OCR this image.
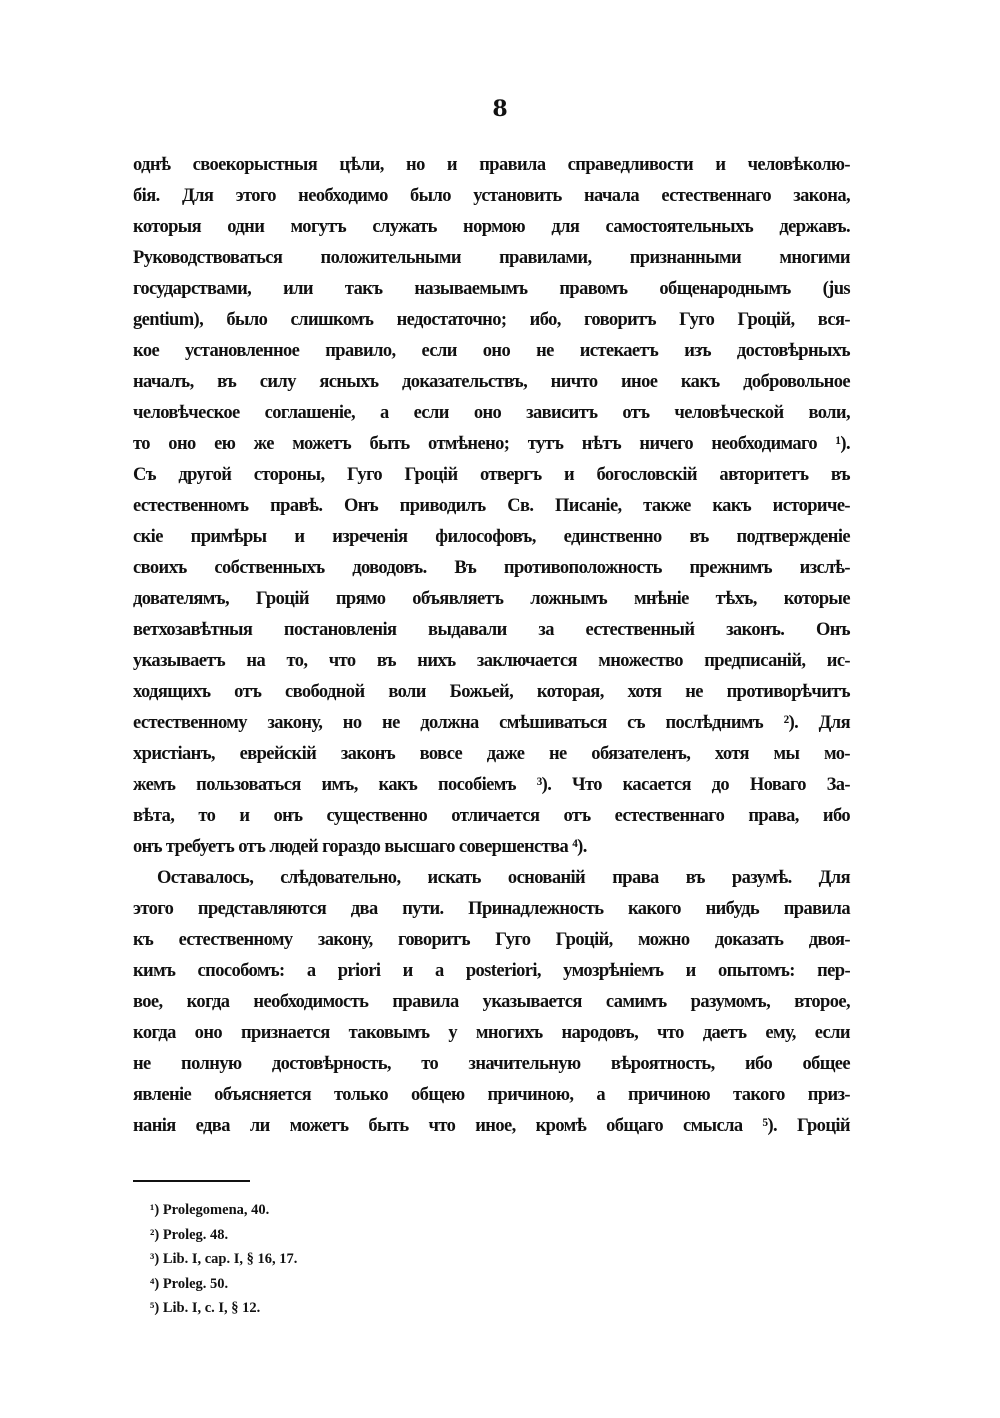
8
однѣ своекорыстныя цѣли, но и правила справедливости и человѣколю-
бія. Для этого необходимо было установить начала естественнаго закона,
которыя одни могутъ служать нормою для самостоятельныхъ державъ.
Руководствоваться положительными правилами, признанными многими
государствами, или такъ называемымъ правомъ общенароднымъ (jus
gentium), было слишкомъ недостаточно; ибо, говоритъ Гуго Гроцій, вся-
кое установленное правило, если оно не истекаетъ изъ достовѣрныхъ
началъ, въ силу ясныхъ доказательствъ, ничто иное какъ добровольное
человѣческое соглашеніе, а если оно зависитъ отъ человѣческой воли,
то оно ею же можетъ быть отмѣнено; тутъ нѣтъ ничего необходимаго ¹).
Съ другой стороны, Гуго Гроцій отвергъ и богословскій авторитетъ въ
естественномъ правѣ. Онъ приводилъ Св. Писаніе, также какъ историче-
скіе примѣры и изреченія философовъ, единственно въ подтвержденіе
своихъ собственныхъ доводовъ. Въ противоположность прежнимъ изслѣ-
дователямъ, Гроцій прямо объявляетъ ложнымъ мнѣніе тѣхъ, которые
ветхозавѣтныя постановленія выдавали за естественный законъ. Онъ
указываетъ на то, что въ нихъ заключается множество предписаній, ис-
ходящихъ отъ свободной воли Божьей, которая, хотя не противорѣчитъ
естественному закону, но не должна смѣшиваться съ послѣднимъ ²). Для
христіанъ, еврейскій законъ вовсе даже не обязателенъ, хотя мы мо-
жемъ пользоваться имъ, какъ пособіемъ ³). Что касается до Новаго За-
вѣта, то и онъ существенно отличается отъ естественнаго права, ибо
онъ требуетъ отъ людей гораздо высшаго совершенства ⁴).
Оставалось, слѣдовательно, искать основаній права въ разумѣ. Для
этого представляются два пути. Принадлежность какого нибудь правила
къ естественному закону, говоритъ Гуго Гроцій, можно доказать двоя-
кимъ способомъ: a priori и a posteriori, умозрѣніемъ и опытомъ: пер-
вое, когда необходимость правила указывается самимъ разумомъ, второе,
когда оно признается таковымъ у многихъ народовъ, что даетъ ему, если
не полную достовѣрность, то значительную вѣроятность, ибо общее
явленіе объясняется только общею причиною, а причиною такого приз-
нанія едва ли можетъ быть что иное, кромѣ общаго смысла ⁵). Гроцій
¹) Prolegomena, 40.
²) Proleg. 48.
³) Lib. I, cap. I, § 16, 17.
⁴) Proleg. 50.
⁵) Lib. I, c. I, § 12.
